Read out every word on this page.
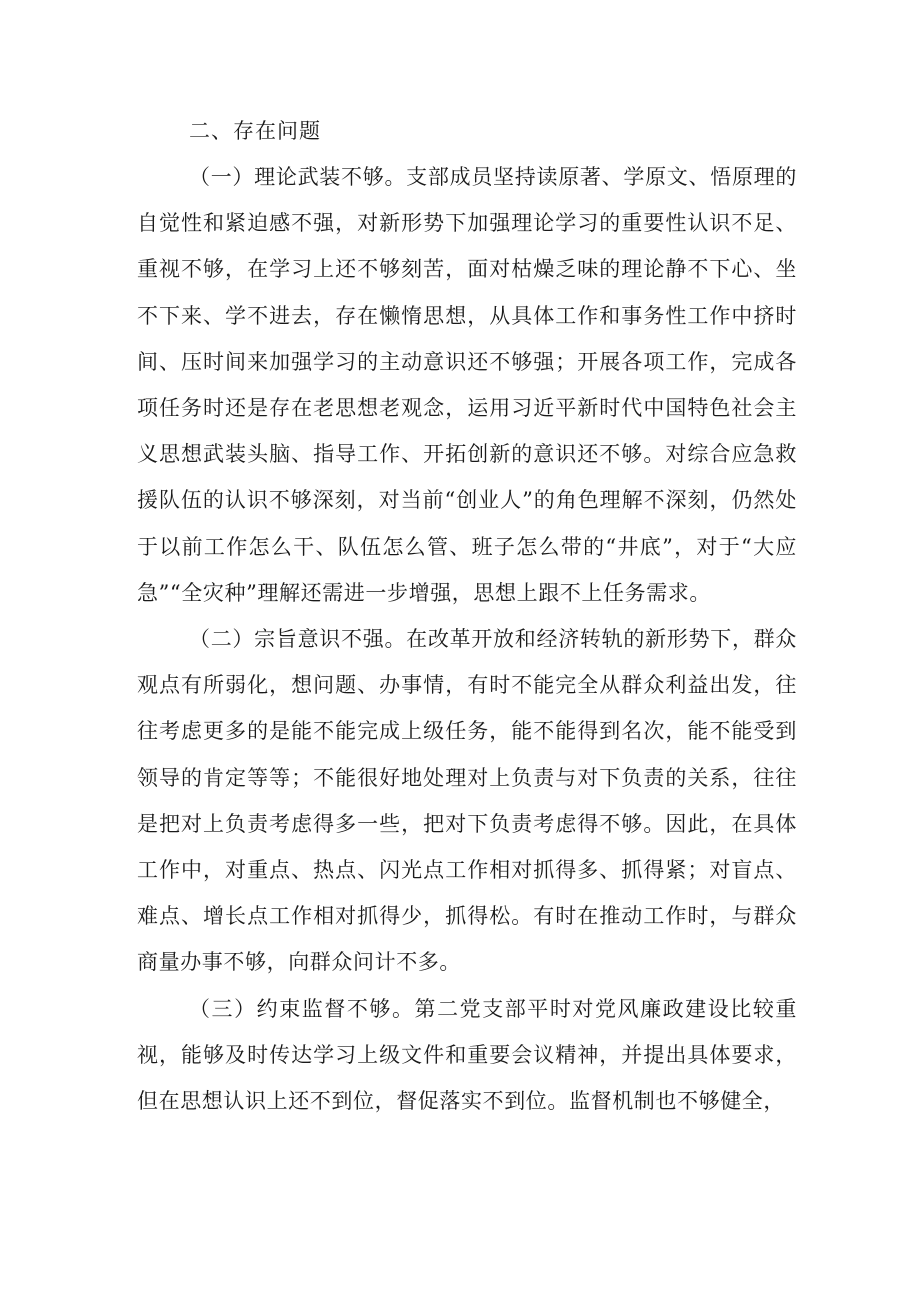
二、存在问题

（一）理论武装不够。支部成员坚持读原著、学原文、悟原理的自觉性和紧迫感不强，对新形势下加强理论学习的重要性认识不足、重视不够，在学习上还不够刻苦，面对枯燥乏味的理论静不下心、坐不下来、学不进去，存在懒惰思想，从具体工作和事务性工作中挤时间、压时间来加强学习的主动意识还不够强；开展各项工作，完成各项任务时还是存在老思想老观念，运用习近平新时代中国特色社会主义思想武装头脑、指导工作、开拓创新的意识还不够。对综合应急救援队伍的认识不够深刻，对当前“创业人”的角色理解不深刻，仍然处于以前工作怎么干、队伍怎么管、班子怎么带的“井底”，对于“大应急”“全灾种”理解还需进一步增强，思想上跟不上任务需求。

（二）宗旨意识不强。在改革开放和经济转轨的新形势下，群众观点有所弱化，想问题、办事情，有时不能完全从群众利益出发，往往考虑更多的是能不能完成上级任务，能不能得到名次，能不能受到领导的肯定等等；不能很好地处理对上负责与对下负责的关系，往往是把对上负责考虑得多一些，把对下负责考虑得不够。因此，在具体工作中，对重点、热点、闪光点工作相对抓得多、抓得紧；对盲点、难点、增长点工作相对抓得少，抓得松。有时在推动工作时，与群众商量办事不够，向群众问计不多。

（三）约束监督不够。第二党支部平时对党风廉政建设比较重视，能够及时传达学习上级文件和重要会议精神，并提出具体要求，但在思想认识上还不到位，督促落实不到位。监督机制也不够健全，
